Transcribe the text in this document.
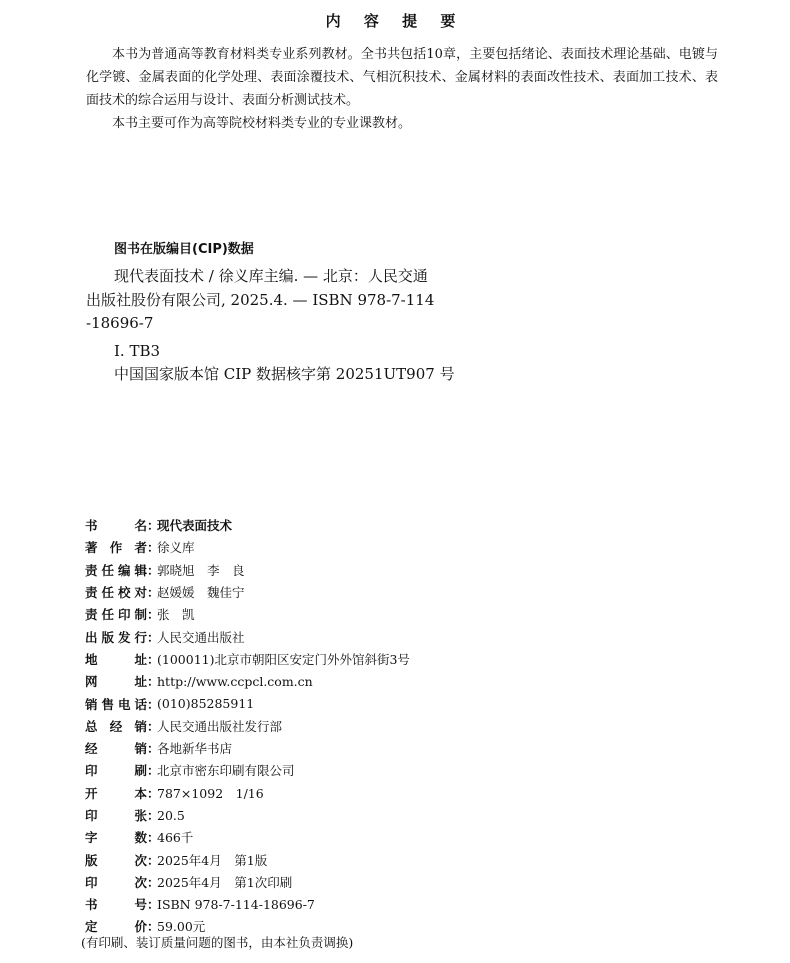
内 容 提 要

本书为普通高等教育材料类专业系列教材。全书共包括10章，主要包括绪论、表面技术理论基础、电镀与化学镀、金属表面的化学处理、表面涂覆技术、气相沉积技术、金属材料的表面改性技术、表面加工技术、表面技术的综合运用与设计、表面分析测试技术。

本书主要可作为高等院校材料类专业的专业课教材。

图书在版编目(CIP)数据
现代表面技术 / 徐义库主编. — 北京：人民交通
出版社股份有限公司, 2025.4. — ISBN 978-7-114
-18696-7
Ⅰ. TB3
中国国家版本馆 CIP 数据核字第 20251UT907 号
书	名 ：
现代表面技术
著 作 者 ：
徐义库
责 任 编 辑 ：
郭晓旭　李　良
责 任 校 对 ：
赵媛媛　魏佳宁
责 任 印 制 ：
张　凯
出 版 发 行 ：
人民交通出版社
地	址 ：
(100011)北京市朝阳区安定门外外馆斜街3号
网	址 ：
http://www.ccpcl.com.cn
销 售 电 话 ：
(010)85285911
总 经 销 ：
人民交通出版社发行部
经	销 ：
各地新华书店
印	刷 ：
北京市密东印刷有限公司
开	本 ：
787×1092　1/16
印	张 ：
20.5
字	数 ：
466千
版	次 ：
2025年4月　第1版
印	次 ：
2025年4月　第1次印刷
书	号 ：
ISBN 978-7-114-18696-7
定	价 ：
59.00元
(有印刷、装订质量问题的图书，由本社负责调换)
